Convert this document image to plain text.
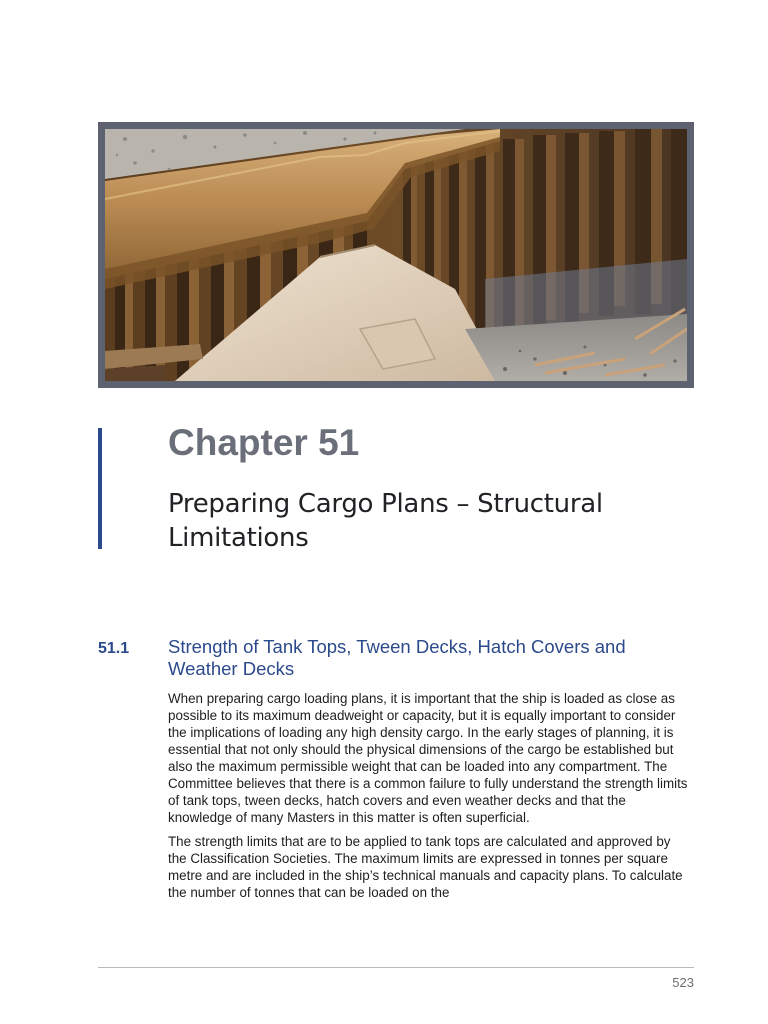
Chapter 51
Preparing Cargo Plans – Structural Limitations
51.1 Strength of Tank Tops, Tween Decks, Hatch Covers and Weather Decks

When preparing cargo loading plans, it is important that the ship is loaded as close as possible to its maximum deadweight or capacity, but it is equally important to consider the implications of loading any high density cargo. In the early stages of planning, it is essential that not only should the physical dimensions of the cargo be established but also the maximum permissible weight that can be loaded into any compartment. The Committee believes that there is a common failure to fully understand the strength limits of tank tops, tween decks, hatch covers and even weather decks and that the knowledge of many Masters in this matter is often superficial.

The strength limits that are to be applied to tank tops are calculated and approved by the Classification Societies. The maximum limits are expressed in tonnes per square metre and are included in the ship’s technical manuals and capacity plans. To calculate the number of tonnes that can be loaded on the

523
